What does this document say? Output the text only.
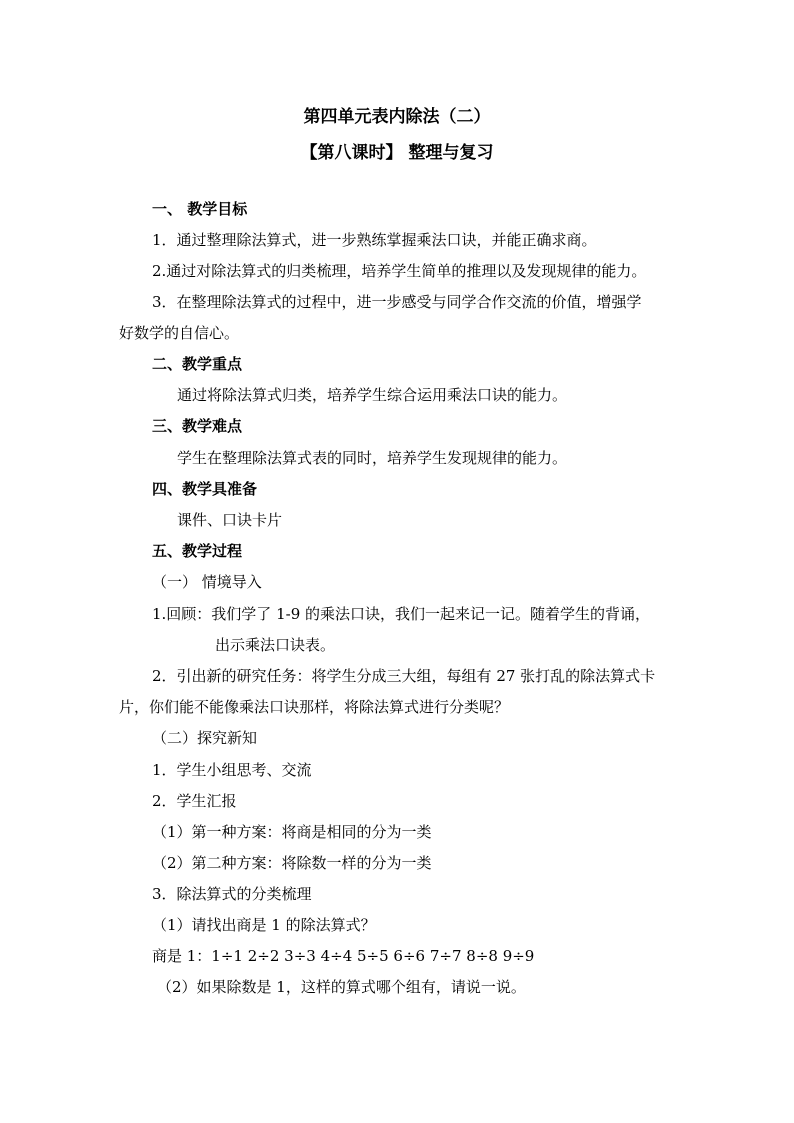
第四单元表内除法（二）
【第八课时】 整理与复习
一、 教学目标
1．通过整理除法算式，进一步熟练掌握乘法口诀，并能正确求商。
2.通过对除法算式的归类梳理，培养学生简单的推理以及发现规律的能力。
3．在整理除法算式的过程中，进一步感受与同学合作交流的价值，增强学
好数学的自信心。
二、教学重点
通过将除法算式归类，培养学生综合运用乘法口诀的能力。
三、教学难点
学生在整理除法算式表的同时，培养学生发现规律的能力。
四、教学具准备
课件、口诀卡片
五、教学过程
（一） 情境导入
1.回顾：我们学了 1-9 的乘法口诀，我们一起来记一记。随着学生的背诵，
出示乘法口诀表。
2．引出新的研究任务：将学生分成三大组，每组有 27 张打乱的除法算式卡
片，你们能不能像乘法口诀那样，将除法算式进行分类呢？
（二）探究新知
1．学生小组思考、交流
2．学生汇报
（1）第一种方案：将商是相同的分为一类
（2）第二种方案：将除数一样的分为一类
3．除法算式的分类梳理
（1）请找出商是 1 的除法算式？
商是 1：1÷1 2÷2 3÷3 4÷4 5÷5 6÷6 7÷7 8÷8 9÷9
（2）如果除数是 1，这样的算式哪个组有，请说一说。
